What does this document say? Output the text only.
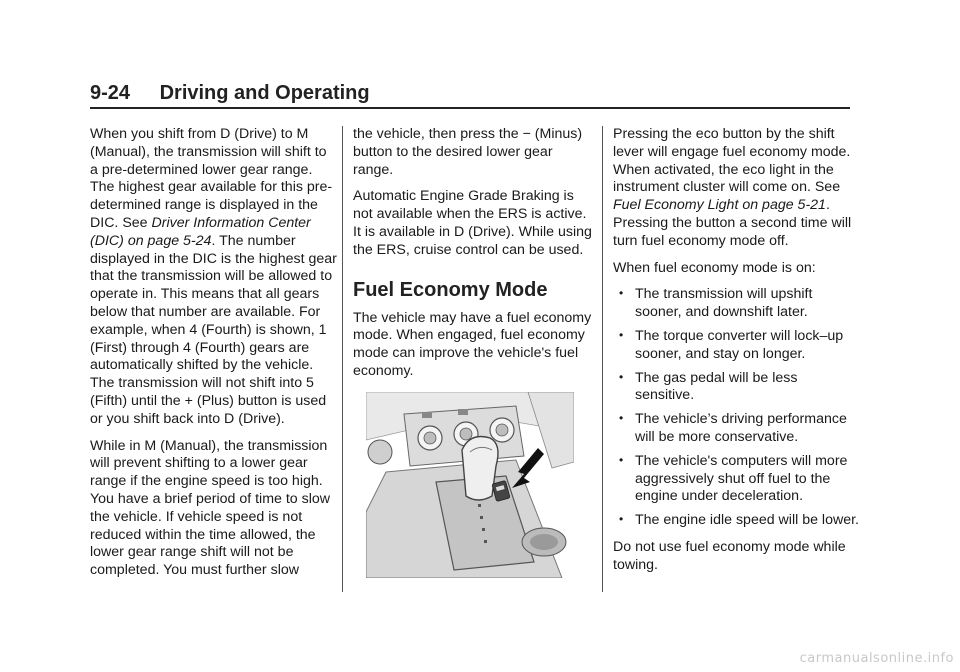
9-24 Driving and Operating

When you shift from D (Drive) to M (Manual), the transmission will shift to a pre-determined lower gear range. The highest gear available for this pre-determined range is displayed in the DIC. See Driver Information Center (DIC) on page 5-24. The number displayed in the DIC is the highest gear that the transmission will be allowed to operate in. This means that all gears below that number are available. For example, when 4 (Fourth) is shown, 1 (First) through 4 (Fourth) gears are automatically shifted by the vehicle. The transmission will not shift into 5 (Fifth) until the + (Plus) button is used or you shift back into D (Drive).

While in M (Manual), the transmission will prevent shifting to a lower gear range if the engine speed is too high. You have a brief period of time to slow the vehicle. If vehicle speed is not reduced within the time allowed, the lower gear range shift will not be completed. You must further slow

the vehicle, then press the − (Minus) button to the desired lower gear range.

Automatic Engine Grade Braking is not available when the ERS is active. It is available in D (Drive). While using the ERS, cruise control can be used.

Fuel Economy Mode

The vehicle may have a fuel economy mode. When engaged, fuel economy mode can improve the vehicle's fuel economy.

Pressing the eco button by the shift lever will engage fuel economy mode. When activated, the eco light in the instrument cluster will come on. See Fuel Economy Light on page 5-21. Pressing the button a second time will turn fuel economy mode off.

When fuel economy mode is on:

• The transmission will upshift sooner, and downshift later.
• The torque converter will lock–up sooner, and stay on longer.
• The gas pedal will be less sensitive.
• The vehicle’s driving performance will be more conservative.
• The vehicle's computers will more aggressively shut off fuel to the engine under deceleration.
• The engine idle speed will be lower.

Do not use fuel economy mode while towing.

carmanualsonline.info
